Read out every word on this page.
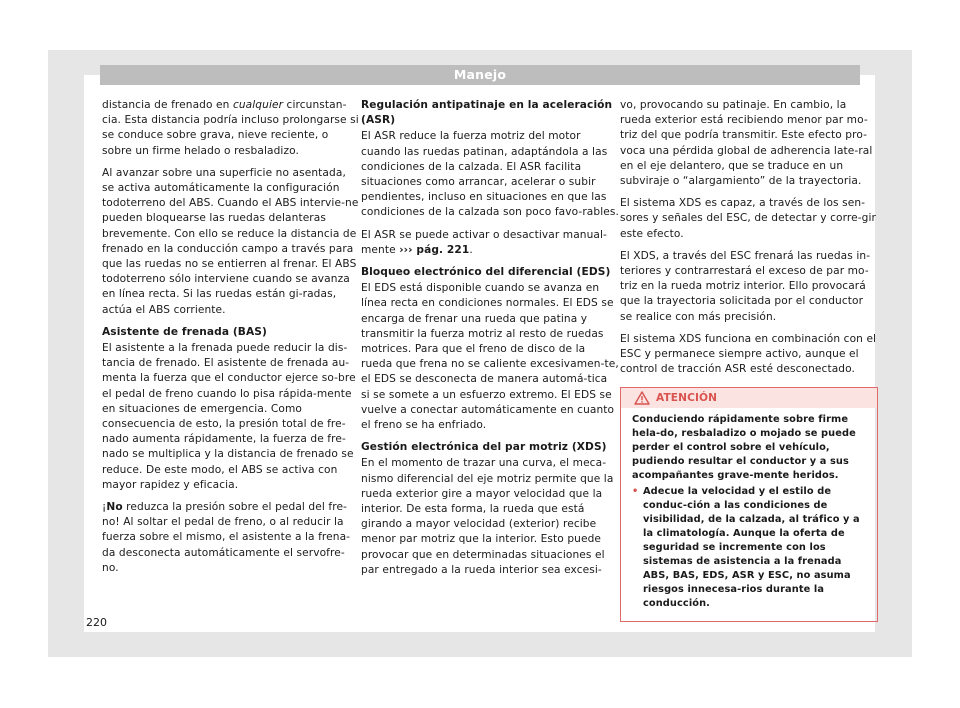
Manejo

distancia de frenado en cualquier circunstan-cia. Esta distancia podría incluso prolongarse si se conduce sobre grava, nieve reciente, o sobre un firme helado o resbaladizo.

Al avanzar sobre una superficie no asentada, se activa automáticamente la configuración todoterreno del ABS. Cuando el ABS intervie-ne pueden bloquearse las ruedas delanteras brevemente. Con ello se reduce la distancia de frenado en la conducción campo a través para que las ruedas no se entierren al frenar. El ABS todoterreno sólo interviene cuando se avanza en línea recta. Si las ruedas están gi-radas, actúa el ABS corriente.

Asistente de frenada (BAS)

El asistente a la frenada puede reducir la dis-tancia de frenado. El asistente de frenada au-menta la fuerza que el conductor ejerce so-bre el pedal de freno cuando lo pisa rápida-mente en situaciones de emergencia. Como consecuencia de esto, la presión total de fre-nado aumenta rápidamente, la fuerza de fre-nado se multiplica y la distancia de frenado se reduce. De este modo, el ABS se activa con mayor rapidez y eficacia.

¡No reduzca la presión sobre el pedal del fre-no! Al soltar el pedal de freno, o al reducir la fuerza sobre el mismo, el asistente a la frena-da desconecta automáticamente el servofre-no.

Regulación antipatinaje en la aceleración (ASR)

El ASR reduce la fuerza motriz del motor cuando las ruedas patinan, adaptándola a las condiciones de la calzada. El ASR facilita situaciones como arrancar, acelerar o subir pendientes, incluso en situaciones en que las condiciones de la calzada son poco favo-rables.

El ASR se puede activar o desactivar manual-mente ››› pág. 221.

Bloqueo electrónico del diferencial (EDS)

El EDS está disponible cuando se avanza en línea recta en condiciones normales. El EDS se encarga de frenar una rueda que patina y transmitir la fuerza motriz al resto de ruedas motrices. Para que el freno de disco de la rueda que frena no se caliente excesivamen-te, el EDS se desconecta de manera automá-tica si se somete a un esfuerzo extremo. El EDS se vuelve a conectar automáticamente en cuanto el freno se ha enfriado.

Gestión electrónica del par motriz (XDS)

En el momento de trazar una curva, el meca-nismo diferencial del eje motriz permite que la rueda exterior gire a mayor velocidad que la interior. De esta forma, la rueda que está girando a mayor velocidad (exterior) recibe menor par motriz que la interior. Esto puede provocar que en determinadas situaciones el par entregado a la rueda interior sea excesi-

vo, provocando su patinaje. En cambio, la rueda exterior está recibiendo menor par mo-triz del que podría transmitir. Este efecto pro-voca una pérdida global de adherencia late-ral en el eje delantero, que se traduce en un subviraje o “alargamiento” de la trayectoria.

El sistema XDS es capaz, a través de los sen-sores y señales del ESC, de detectar y corre-gir este efecto.

El XDS, a través del ESC frenará las ruedas in-teriores y contrarrestará el exceso de par mo-triz en la rueda motriz interior. Ello provocará que la trayectoria solicitada por el conductor se realice con más precisión.

El sistema XDS funciona en combinación con el ESC y permanece siempre activo, aunque el control de tracción ASR esté desconectado.

ATENCIÓN

Conduciendo rápidamente sobre firme hela-do, resbaladizo o mojado se puede perder el control sobre el vehículo, pudiendo resultar el conductor y a sus acompañantes grave-mente heridos.

• Adecue la velocidad y el estilo de conduc-ción a las condiciones de visibilidad, de la calzada, al tráfico y a la climatología. Aunque la oferta de seguridad se incremente con los sistemas de asistencia a la frenada ABS, BAS, EDS, ASR y ESC, no asuma riesgos innecesa-rios durante la conducción.
220
